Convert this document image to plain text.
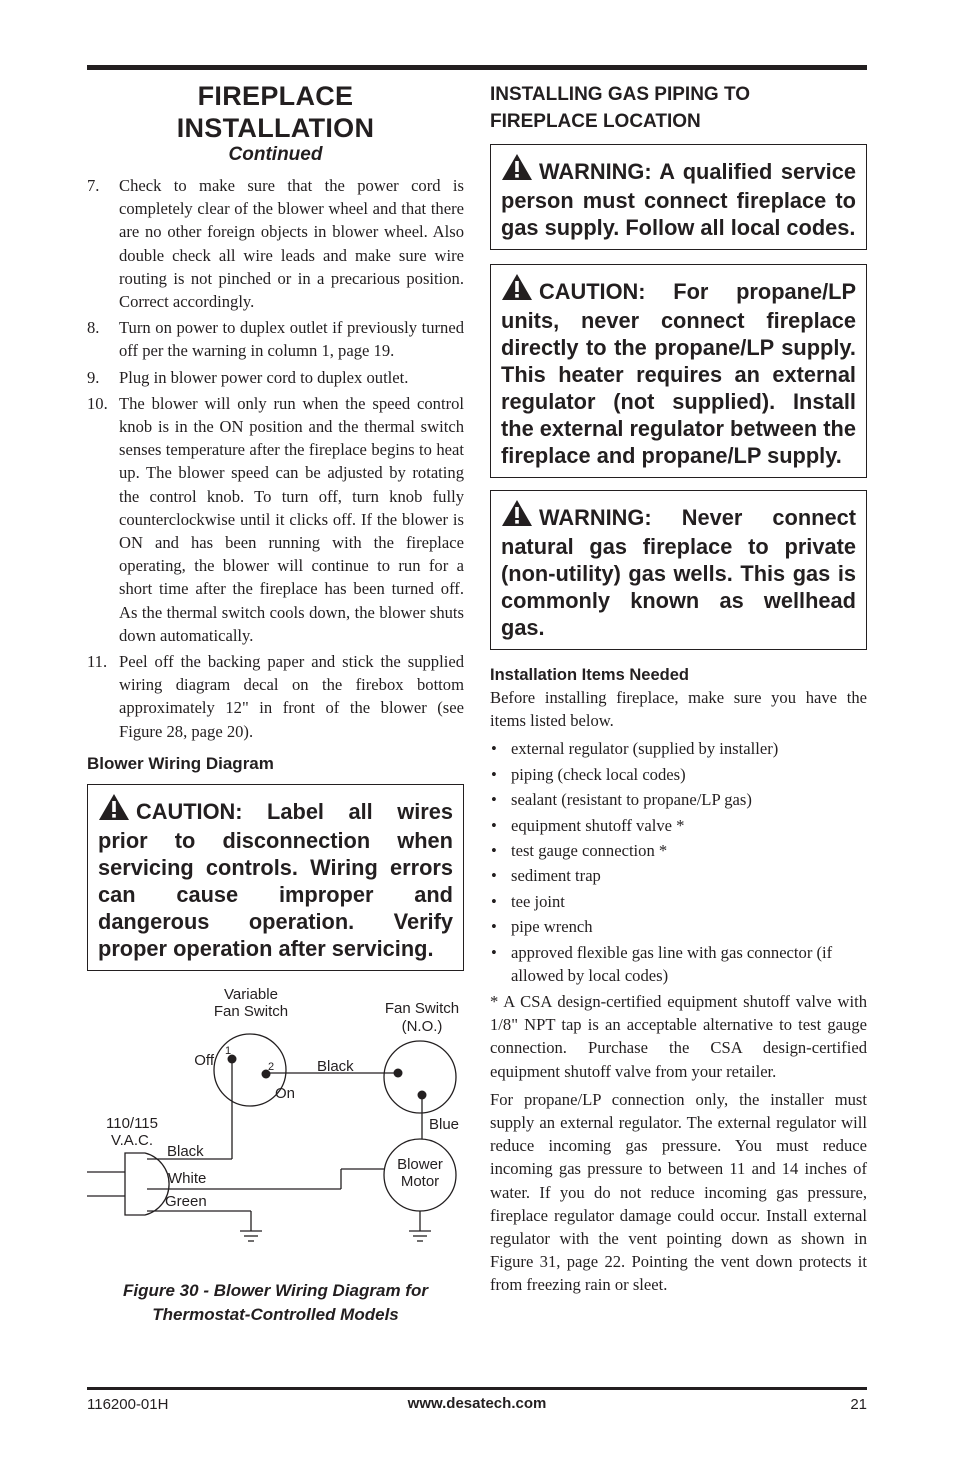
FIREPLACE
INSTALLATION
Continued
7. Check to make sure that the power cord is completely clear of the blower wheel and that there are no other foreign objects in blower wheel. Also double check all wire leads and make sure wire routing is not pinched or in a precarious position. Correct accordingly.
8. Turn on power to duplex outlet if previously turned off per the warning in column 1, page 19.
9. Plug in blower power cord to duplex outlet.
10. The blower will only run when the speed control knob is in the ON position and the thermal switch senses temperature after the fireplace begins to heat up. The blower speed can be adjusted by rotating the control knob. To turn off, turn knob fully counterclockwise until it clicks off. If the blower is ON and has been running with the fireplace operating, the blower will continue to run for a short time after the fireplace has been turned off. As the thermal switch cools down, the blower shuts down automatically.
11. Peel off the backing paper and stick the supplied wiring diagram decal on the firebox bottom approximately 12" in front of the blower (see Figure 28, page 20).
Blower Wiring Diagram
CAUTION: Label all wires prior to disconnection when servicing controls. Wiring errors can cause improper and dangerous operation. Verify proper operation after servicing.
Variable
Fan Switch	Fan Switch
(N.O.)
Off
1
2
On
Black
Blue
Blower
Motor
110/115
V.A.C.
Black
White
Green
Figure 30 - Blower Wiring Diagram for
Thermostat-Controlled Models
INSTALLING GAS PIPING TO
FIREPLACE LOCATION
WARNING: A qualified service person must connect fireplace to gas supply. Follow all local codes.
CAUTION: For propane/LP units, never connect fireplace directly to the propane/LP supply. This heater requires an external regulator (not supplied). Install the external regulator between the fireplace and propane/LP supply.
WARNING: Never connect natural gas fireplace to private (non-utility) gas wells. This gas is commonly known as wellhead gas.
Installation Items Needed

Before installing fireplace, make sure you have the items listed below.

• external regulator (supplied by installer)
• piping (check local codes)
• sealant (resistant to propane/LP gas)
• equipment shutoff valve *
• test gauge connection *
• sediment trap
• tee joint
• pipe wrench
• approved flexible gas line with gas connector (if allowed by local codes)

* A CSA design-certified equipment shutoff valve with 1/8" NPT tap is an acceptable alternative to test gauge connection. Purchase the CSA design-certified equipment shutoff valve from your retailer.

For propane/LP connection only, the installer must supply an external regulator. The external regulator will reduce incoming gas pressure. You must reduce incoming gas pressure to between 11 and 14 inches of water. If you do not reduce incoming gas pressure, fireplace regulator damage could occur. Install external regulator with the vent pointing down as shown in Figure 31, page 22. Pointing the vent down protects it from freezing rain or sleet.

116200-01H	www.desatech.com	21
